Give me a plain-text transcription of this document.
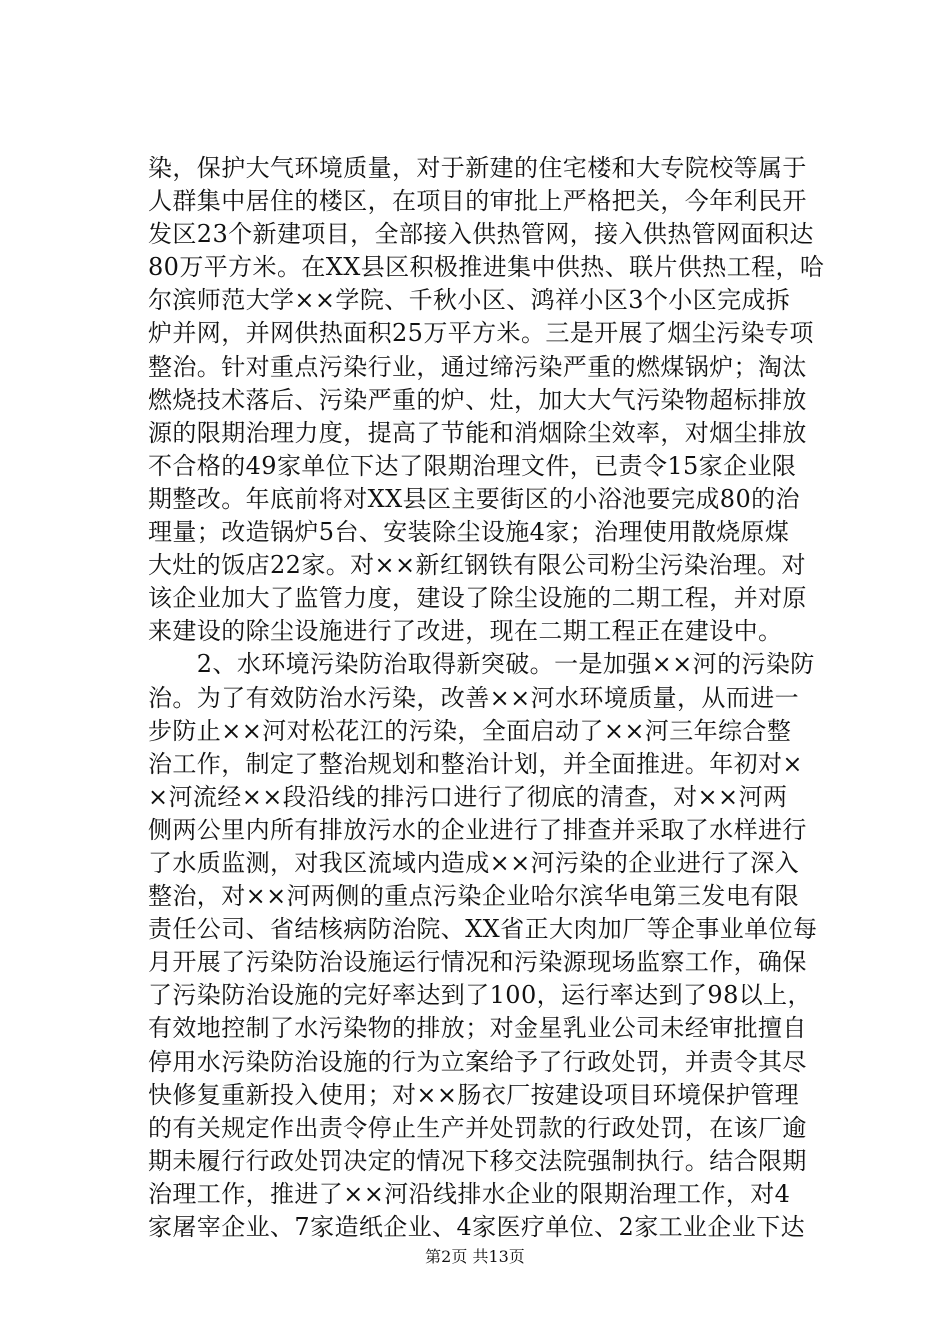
染，保护大气环境质量，对于新建的住宅楼和大专院校等属于
人群集中居住的楼区，在项目的审批上严格把关，今年利民开
发区23个新建项目，全部接入供热管网，接入供热管网面积达
80万平方米。在XX县区积极推进集中供热、联片供热工程，哈
尔滨师范大学××学院、千秋小区、鸿祥小区3个小区完成拆
炉并网，并网供热面积25万平方米。三是开展了烟尘污染专项
整治。针对重点污染行业，通过缔污染严重的燃煤锅炉；淘汰
燃烧技术落后、污染严重的炉、灶，加大大气污染物超标排放
源的限期治理力度，提高了节能和消烟除尘效率，对烟尘排放
不合格的49家单位下达了限期治理文件，已责令15家企业限
期整改。年底前将对XX县区主要街区的小浴池要完成80的治
理量；改造锅炉5台、安装除尘设施4家；治理使用散烧原煤
大灶的饭店22家。对××新红钢铁有限公司粉尘污染治理。对
该企业加大了监管力度，建设了除尘设施的二期工程，并对原
来建设的除尘设施进行了改进，现在二期工程正在建设中。
　　2、水环境污染防治取得新突破。一是加强××河的污染防
治。为了有效防治水污染，改善××河水环境质量，从而进一
步防止××河对松花江的污染，全面启动了××河三年综合整
治工作，制定了整治规划和整治计划，并全面推进。年初对×
×河流经××段沿线的排污口进行了彻底的清查，对××河两
侧两公里内所有排放污水的企业进行了排查并采取了水样进行
了水质监测，对我区流域内造成××河污染的企业进行了深入
整治，对××河两侧的重点污染企业哈尔滨华电第三发电有限
责任公司、省结核病防治院、XX省正大肉加厂等企事业单位每
月开展了污染防治设施运行情况和污染源现场监察工作，确保
了污染防治设施的完好率达到了100，运行率达到了98以上，
有效地控制了水污染物的排放；对金星乳业公司未经审批擅自
停用水污染防治设施的行为立案给予了行政处罚，并责令其尽
快修复重新投入使用；对××肠衣厂按建设项目环境保护管理
的有关规定作出责令停止生产并处罚款的行政处罚，在该厂逾
期未履行行政处罚决定的情况下移交法院强制执行。结合限期
治理工作，推进了××河沿线排水企业的限期治理工作，对4
家屠宰企业、7家造纸企业、4家医疗单位、2家工业企业下达
第2页 共13页
